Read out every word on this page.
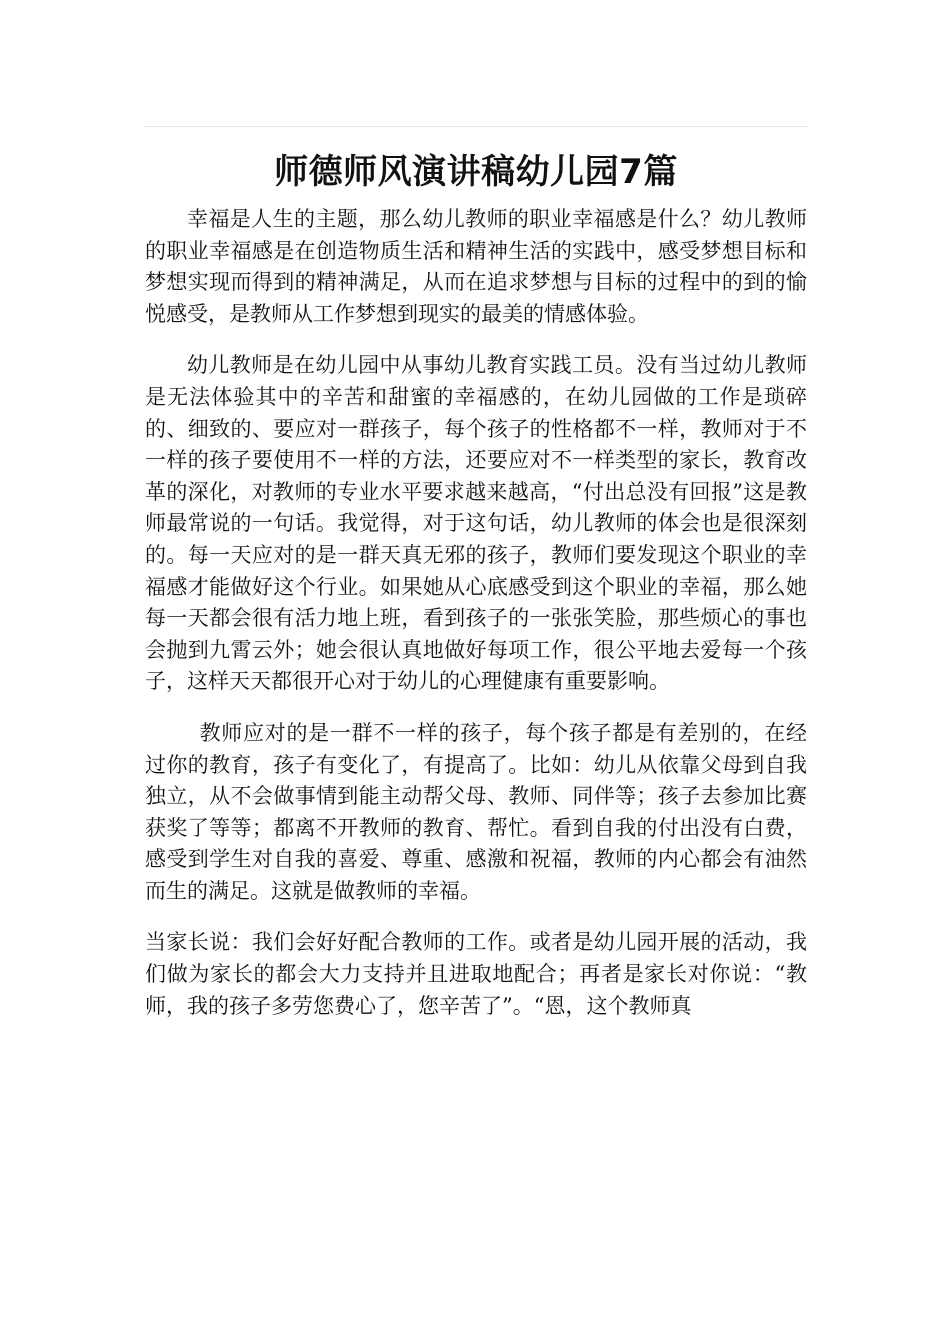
师德师风演讲稿幼儿园7篇

幸福是人生的主题，那么幼儿教师的职业幸福感是什么？幼儿教师的职业幸福感是在创造物质生活和精神生活的实践中，感受梦想目标和梦想实现而得到的精神满足，从而在追求梦想与目标的过程中的到的愉悦感受，是教师从工作梦想到现实的最美的情感体验。

幼儿教师是在幼儿园中从事幼儿教育实践工员。没有当过幼儿教师是无法体验其中的辛苦和甜蜜的幸福感的，在幼儿园做的工作是琐碎的、细致的、要应对一群孩子，每个孩子的性格都不一样，教师对于不一样的孩子要使用不一样的方法，还要应对不一样类型的家长，教育改革的深化，对教师的专业水平要求越来越高，“付出总没有回报”这是教师最常说的一句话。我觉得，对于这句话，幼儿教师的体会也是很深刻的。每一天应对的是一群天真无邪的孩子，教师们要发现这个职业的幸福感才能做好这个行业。如果她从心底感受到这个职业的幸福，那么她每一天都会很有活力地上班，看到孩子的一张张笑脸，那些烦心的事也会抛到九霄云外；她会很认真地做好每项工作，很公平地去爱每一个孩子，这样天天都很开心对于幼儿的心理健康有重要影响。

教师应对的是一群不一样的孩子，每个孩子都是有差别的，在经过你的教育，孩子有变化了，有提高了。比如：幼儿从依靠父母到自我独立，从不会做事情到能主动帮父母、教师、同伴等；孩子去参加比赛获奖了等等；都离不开教师的教育、帮忙。看到自我的付出没有白费，感受到学生对自我的喜爱、尊重、感激和祝福，教师的内心都会有油然而生的满足。这就是做教师的幸福。

当家长说：我们会好好配合教师的工作。或者是幼儿园开展的活动，我们做为家长的都会大力支持并且进取地配合；再者是家长对你说：“教师，我的孩子多劳您费心了，您辛苦了”。“恩，这个教师真
